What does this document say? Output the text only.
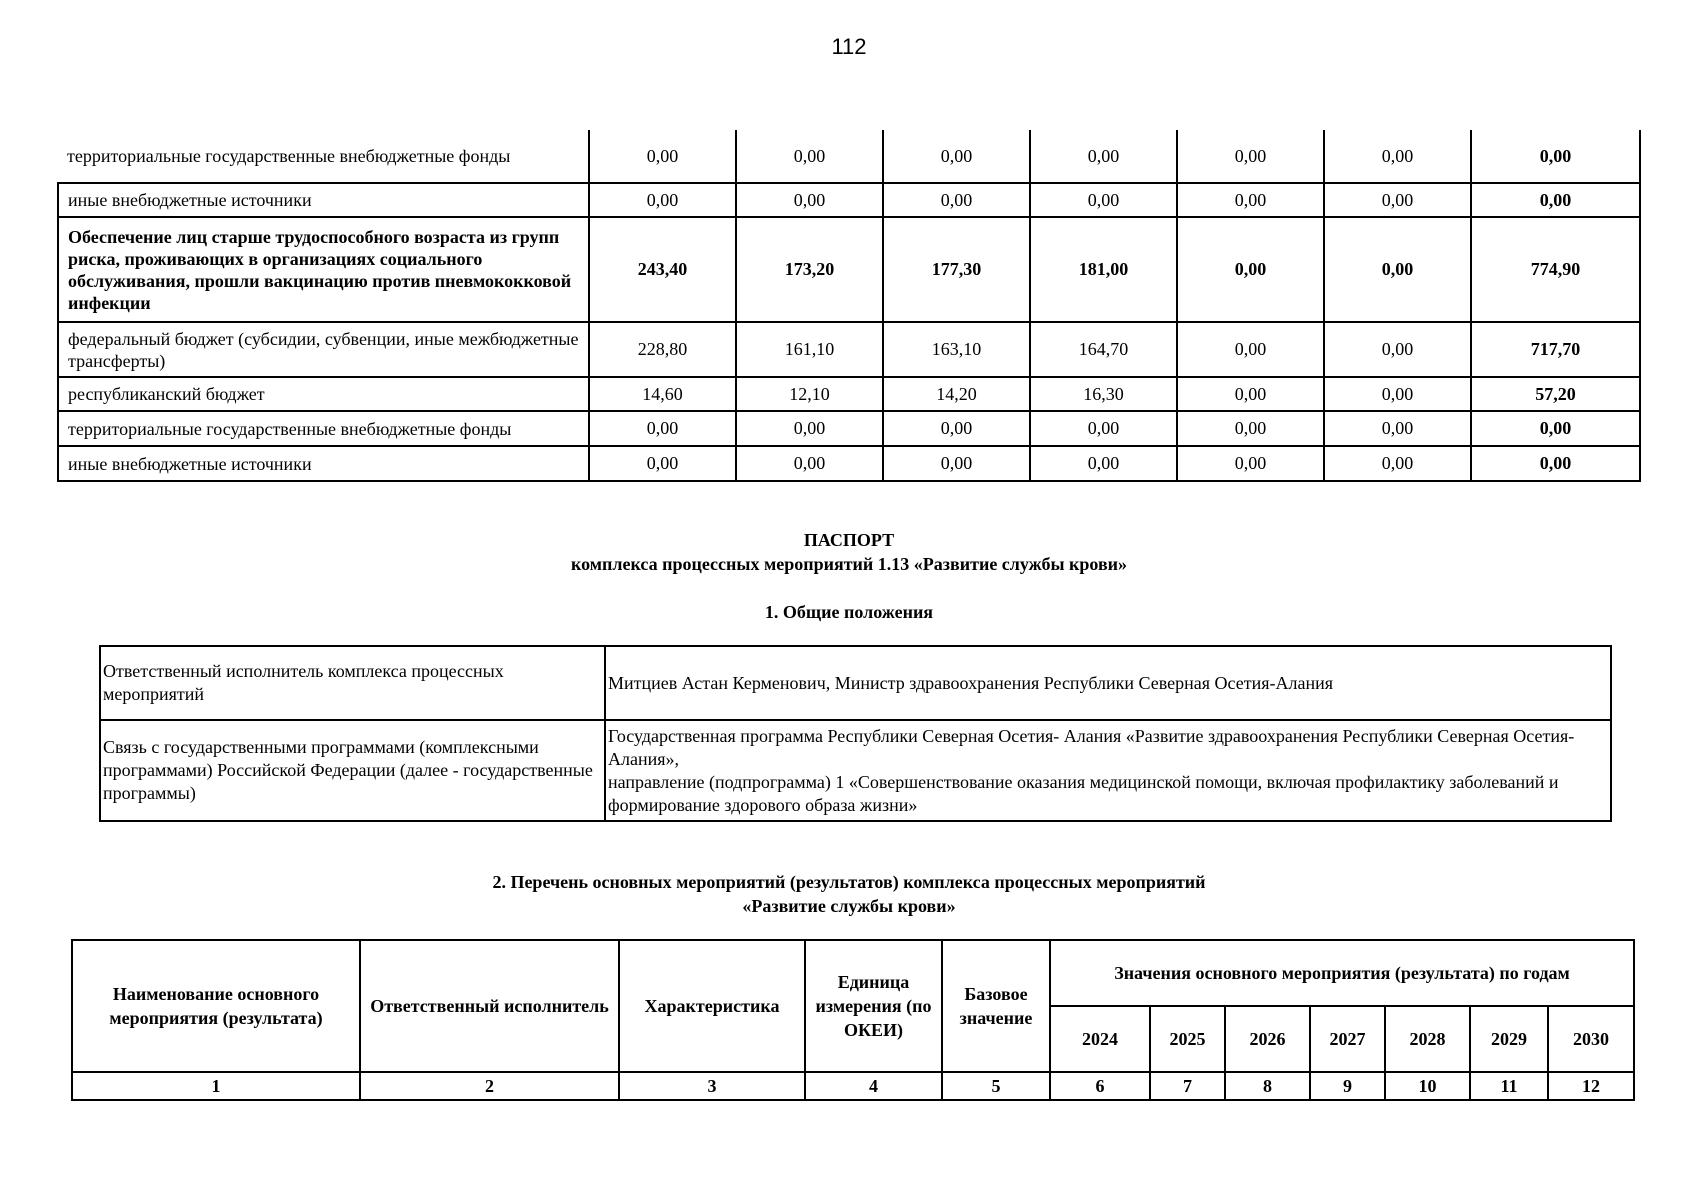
112
территориальные государственные внебюджетные фонды	0,00	0,00	0,00	0,00	0,00	0,00	0,00
иные внебюджетные источники	0,00	0,00	0,00	0,00	0,00	0,00	0,00
Обеспечение лиц старше трудоспособного возраста из групп риска, проживающих в организациях социального обслуживания, прошли вакцинацию против пневмококковой инфекции	243,40	173,20	177,30	181,00	0,00	0,00	774,90
федеральный бюджет (субсидии, субвенции, иные межбюджетные трансферты)	228,80	161,10	163,10	164,70	0,00	0,00	717,70
республиканский бюджет	14,60	12,10	14,20	16,30	0,00	0,00	57,20
территориальные государственные внебюджетные фонды	0,00	0,00	0,00	0,00	0,00	0,00	0,00
иные внебюджетные источники	0,00	0,00	0,00	0,00	0,00	0,00	0,00
ПАСПОРТ
комплекса процессных мероприятий 1.13 «Развитие службы крови»
1. Общие положения
Ответственный исполнитель комплекса процессных мероприятий	Митциев Астан Керменович, Министр здравоохранения Республики Северная Осетия-Алания
Связь с государственными программами (комплексными программами) Российской Федерации (далее - государственные программы)	Государственная программа Республики Северная Осетия- Алания «Развитие здравоохранения Республики Северная Осетия-Алания»,
направление (подпрограмма) 1 «Совершенствование оказания медицинской помощи, включая профилактику заболеваний и формирование здорового образа жизни»
2. Перечень основных мероприятий (результатов) комплекса процессных мероприятий
«Развитие службы крови»
Наименование основного мероприятия (результата)	Ответственный исполнитель	Характеристика	Единица измерения (по ОКЕИ)	Базовое значение	Значения основного мероприятия (результата) по годам						
					2024	2025	2026	2027	2028	2029	2030
1	2	3	4	5	6	7	8	9	10	11	12
